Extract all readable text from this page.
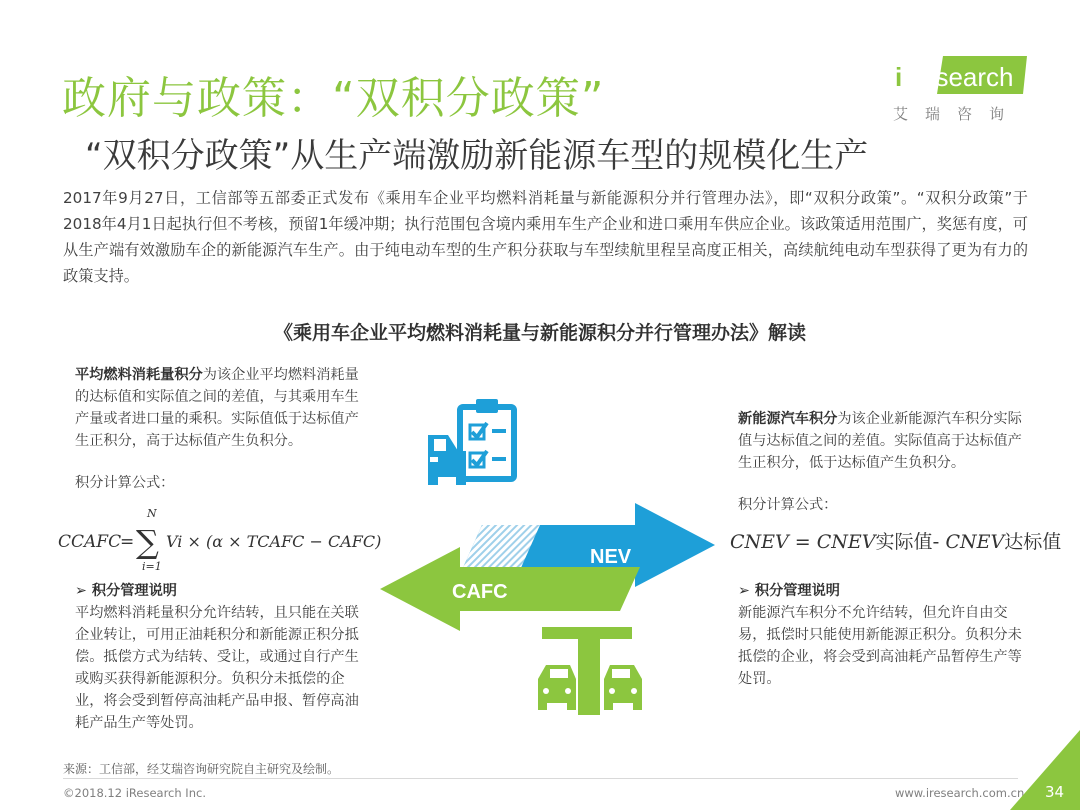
政府与政策：“双积分政策”
“双积分政策”从生产端激励新能源车型的规模化生产
iResearch
艾瑞咨询
2017年9月27日，工信部等五部委正式发布《乘用车企业平均燃料消耗量与新能源积分并行管理办法》，即“双积分政策”。“双积分政策”于2018年4月1日起执行但不考核，预留1年缓冲期；执行范围包含境内乘用车生产企业和进口乘用车供应企业。该政策适用范围广，奖惩有度，可从生产端有效激励车企的新能源汽车生产。由于纯电动车型的生产积分获取与车型续航里程呈高度正相关，高续航纯电动车型获得了更为有力的政策支持。
《乘用车企业平均燃料消耗量与新能源积分并行管理办法》解读
平均燃料消耗量积分为该企业平均燃料消耗量的达标值和实际值之间的差值，与其乘用车生产量或者进口量的乘积。实际值低于达标值产生正积分，高于达标值产生负积分。
积分计算公式：
CCAFC
=
N
∑
i=1
Vi × (α × TCAFC − CAFC)
➢ 积分管理说明
平均燃料消耗量积分允许结转，且只能在关联企业转让，可用正油耗积分和新能源正积分抵偿。抵偿方式为结转、受让，或通过自行产生或购买获得新能源积分。负积分未抵偿的企业，将会受到暂停高油耗产品申报、暂停高油耗产品生产等处罚。
新能源汽车积分为该企业新能源汽车积分实际值与达标值之间的差值。实际值高于达标值产生正积分，低于达标值产生负积分。
积分计算公式：
CNEV = CNEV实际值- CNEV达标值
➢ 积分管理说明
新能源汽车积分不允许结转，但允许自由交易，抵偿时只能使用新能源正积分。负积分未抵偿的企业，将会受到高油耗产品暂停生产等处罚。
NEV
CAFC
来源：工信部，经艾瑞咨询研究院自主研究及绘制。
©2018.12 iResearch Inc.	www.iresearch.com.cn 34
